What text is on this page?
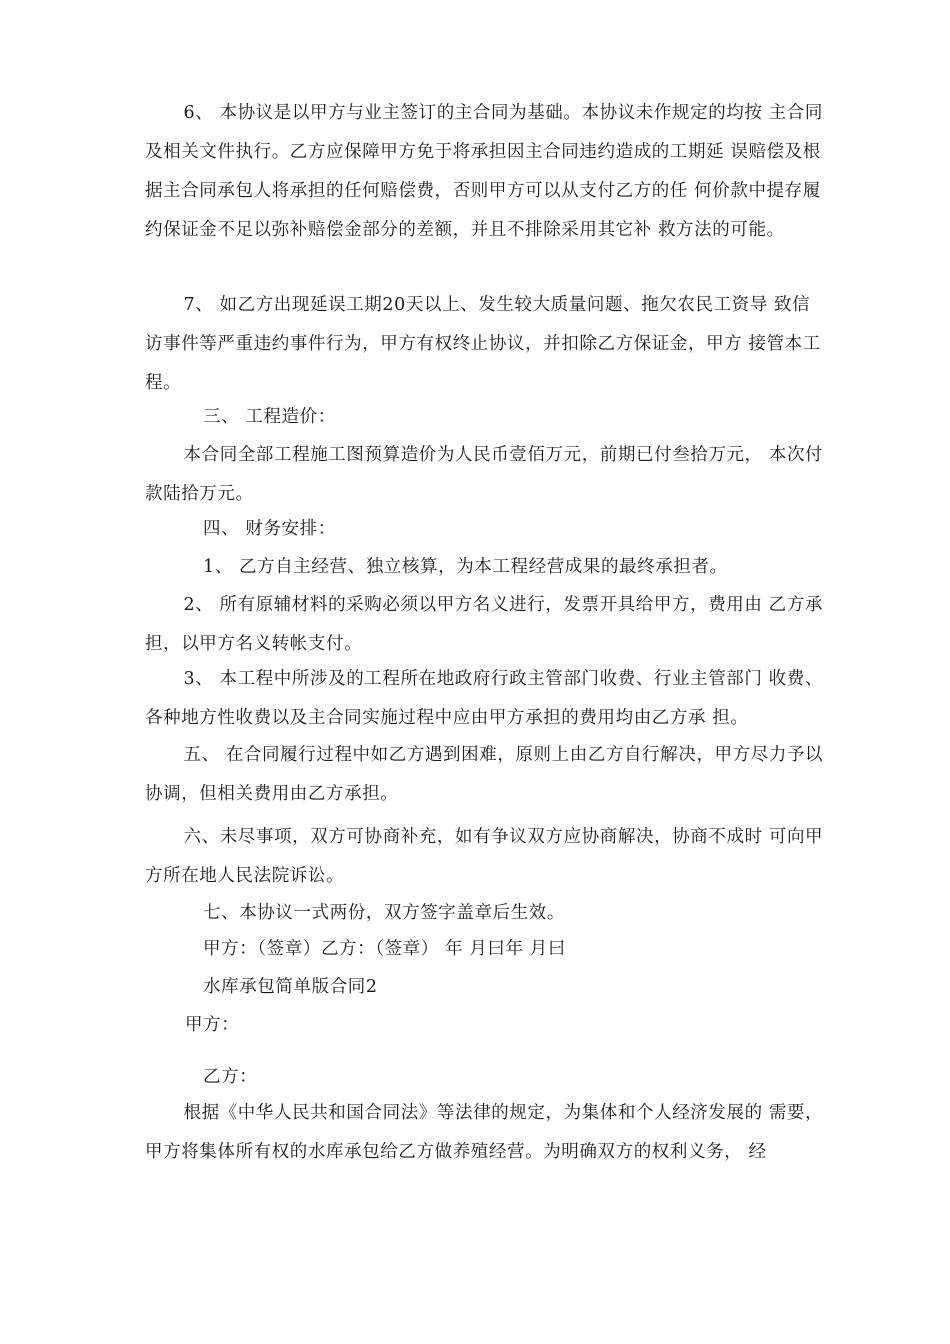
6、 本协议是以甲方与业主签订的主合同为基础。本协议未作规定的均按 主合同及相关文件执行。乙方应保障甲方免于将承担因主合同违约造成的工期延 误赔偿及根据主合同承包人将承担的任何赔偿费，否则甲方可以从支付乙方的任 何价款中提存履约保证金不足以弥补赔偿金部分的差额，并且不排除采用其它补 救方法的可能。

7、 如乙方出现延误工期20天以上、发生较大质量问题、拖欠农民工资导 致信访事件等严重违约事件行为，甲方有权终止协议，并扣除乙方保证金，甲方 接管本工程。

三、 工程造价：

本合同全部工程施工图预算造价为人民币壹佰万元，前期已付叁拾万元， 本次付款陆拾万元。

四、 财务安排：
1、 乙方自主经营、独立核算，为本工程经营成果的最终承担者。

2、 所有原辅材料的采购必须以甲方名义进行，发票开具给甲方，费用由 乙方承担，以甲方名义转帐支付。

3、 本工程中所涉及的工程所在地政府行政主管部门收费、行业主管部门 收费、各种地方性收费以及主合同实施过程中应由甲方承担的费用均由乙方承 担。

五、 在合同履行过程中如乙方遇到困难，原则上由乙方自行解决，甲方尽力予以协调，但相关费用由乙方承担。

六、未尽事项，双方可协商补充，如有争议双方应协商解决，协商不成时 可向甲方所在地人民法院诉讼。

七、本协议一式两份，双方签字盖章后生效。
甲方：（签章）乙方：（签章） 年 月曰年 月曰
水库承包简单版合同2
甲方：
乙方：

根据《中华人民共和国合同法》等法律的规定，为集体和个人经济发展的 需要，甲方将集体所有权的水库承包给乙方做养殖经营。为明确双方的权利义务， 经
